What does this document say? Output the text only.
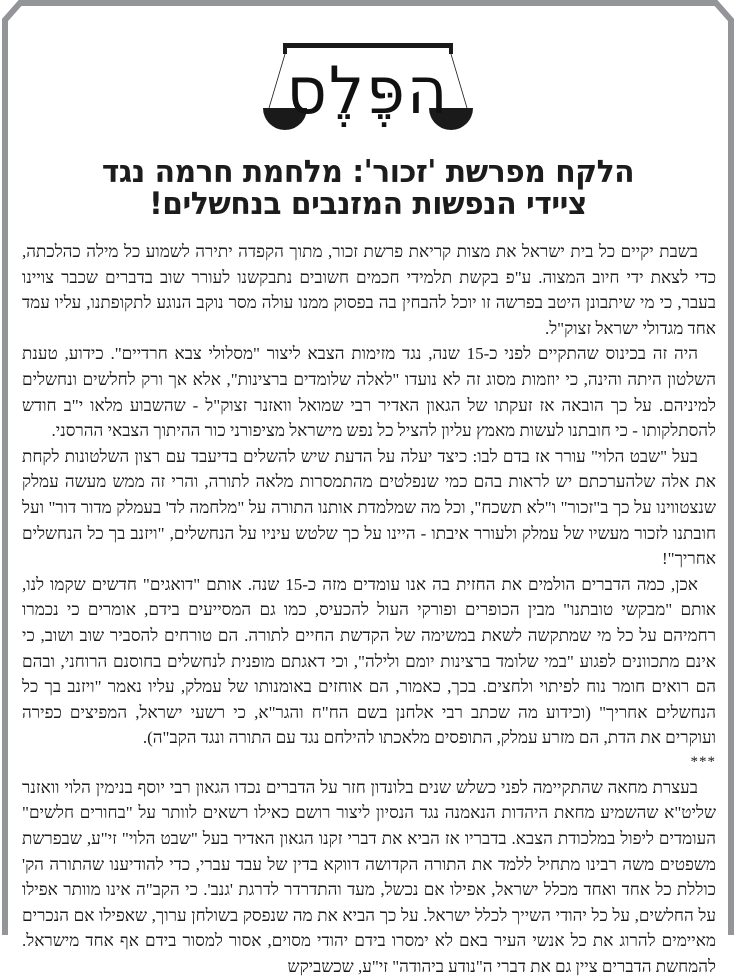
הפֶּלֶס
הלקח מפרשת 'זכור': מלחמת חרמה נגד
ציידי הנפשות המזנבים בנחשלים!

בשבת יקיים כל בית ישראל את מצות קריאת פרשת זכור, מתוך הקפדה יתירה לשמוע כל מילה כהלכתה, כדי לצאת ידי חיוב המצוה. ע"פ בקשת תלמידי חכמים חשובים נתבקשנו לעורר שוב בדברים שכבר צויינו בעבר, כי מי שיתבונן היטב בפרשה זו יוכל להבחין בה בפסוק ממנו עולה מסר נוקב הנוגע לתקופתנו, עליו עמד אחד מגדולי ישראל זצוק"ל.

היה זה בכינוס שהתקיים לפני כ-15 שנה, נגד מזימות הצבא ליצור "מסלולי צבא חרדיים". כידוע, טענת השלטון היתה והינה, כי יוזמות מסוג זה לא נועדו "לאלה שלומדים ברצינות", אלא אך ורק לחלשים ונחשלים למיניהם. על כך הובאה אז זעקתו של הגאון האדיר רבי שמואל וואזנר זצוק"ל - שהשבוע מלאו י"ב חודש להסתלקותו - כי חובתנו לעשות מאמץ עליון להציל כל נפש מישראל מציפורני כור ההיתוך הצבאי ההרסני.

בעל "שבט הלוי" עורר אז בדם לבו: כיצד יעלה על הדעת שיש להשלים בדיעבד עם רצון השלטונות לקחת את אלה שלהערכתם יש לראות בהם כמי שנפלטים מהתמסרות מלאה לתורה, והרי זה ממש מעשה עמלק שנצטווינו על כך ב"זכור" ו"לא תשכח", וכל מה שמלמדת אותנו התורה על "מלחמה לד' בעמלק מדור דור" ועל חובתנו לזכור מעשיו של עמלק ולעורר איבתו - היינו על כך שלטש עיניו על הנחשלים, "ויזנב בך כל הנחשלים אחריך"!

אכן, כמה הדברים הולמים את החזית בה אנו עומדים מזה כ-15 שנה. אותם "דואגים" חדשים שקמו לנו, אותם "מבקשי טובתנו" מבין הכופרים ופורקי העול להכעיס, כמו גם המסייעים בידם, אומרים כי נכמרו רחמיהם על כל מי שמתקשה לשאת במשימה של הקדשת החיים לתורה. הם טורחים להסביר שוב ושוב, כי אינם מתכוונים לפגוע "במי שלומד ברצינות יומם ולילה", וכי דאגתם מופנית לנחשלים בחוסנם הרוחני, ובהם הם רואים חומר נוח לפיתוי ולחצים. בכך, כאמור, הם אוחזים באומנותו של עמלק, עליו נאמר "ויזנב בך כל הנחשלים אחריך" (וכידוע מה שכתב רבי אלחנן בשם הח"ח והגר"א, כי רשעי ישראל, המפיצים כפירה ועוקרים את הדת, הם מזרע עמלק, התופסים מלאכתו להילחם נגד עם התורה ונגד הקב"ה).

***

בעצרת מחאה שהתקיימה לפני כשלש שנים בלונדון חזר על הדברים נכדו הגאון רבי יוסף בנימין הלוי וואזנר שליט"א שהשמיע מחאת היהדות הנאמנה נגד הנסיון ליצור רושם כאילו רשאים לוותר על "בחורים חלשים" העומדים ליפול במלכודת הצבא. בדבריו אז הביא את דברי זקנו הגאון האדיר בעל "שבט הלוי" זי"ע, שבפרשת משפטים משה רבינו מתחיל ללמד את התורה הקדושה דווקא בדין של עבד עברי, כדי להודיענו שהתורה הק' כוללת כל אחד ואחד מכלל ישראל, אפילו אם נכשל, מעד והתדרדר לדרגת 'גנב'. כי הקב"ה אינו מוותר אפילו על החלשים, על כל יהודי השייך לכלל ישראל. על כך הביא את מה שנפסק בשולחן ערוך, שאפילו אם הנכרים מאיימים להרוג את כל אנשי העיר באם לא ימסרו בידם יהודי מסוים, אסור למסור בידם אף אחד מישראל. להמחשת הדברים ציין גם את דברי ה"נודע ביהודה" זי"ע, שכשביקש
